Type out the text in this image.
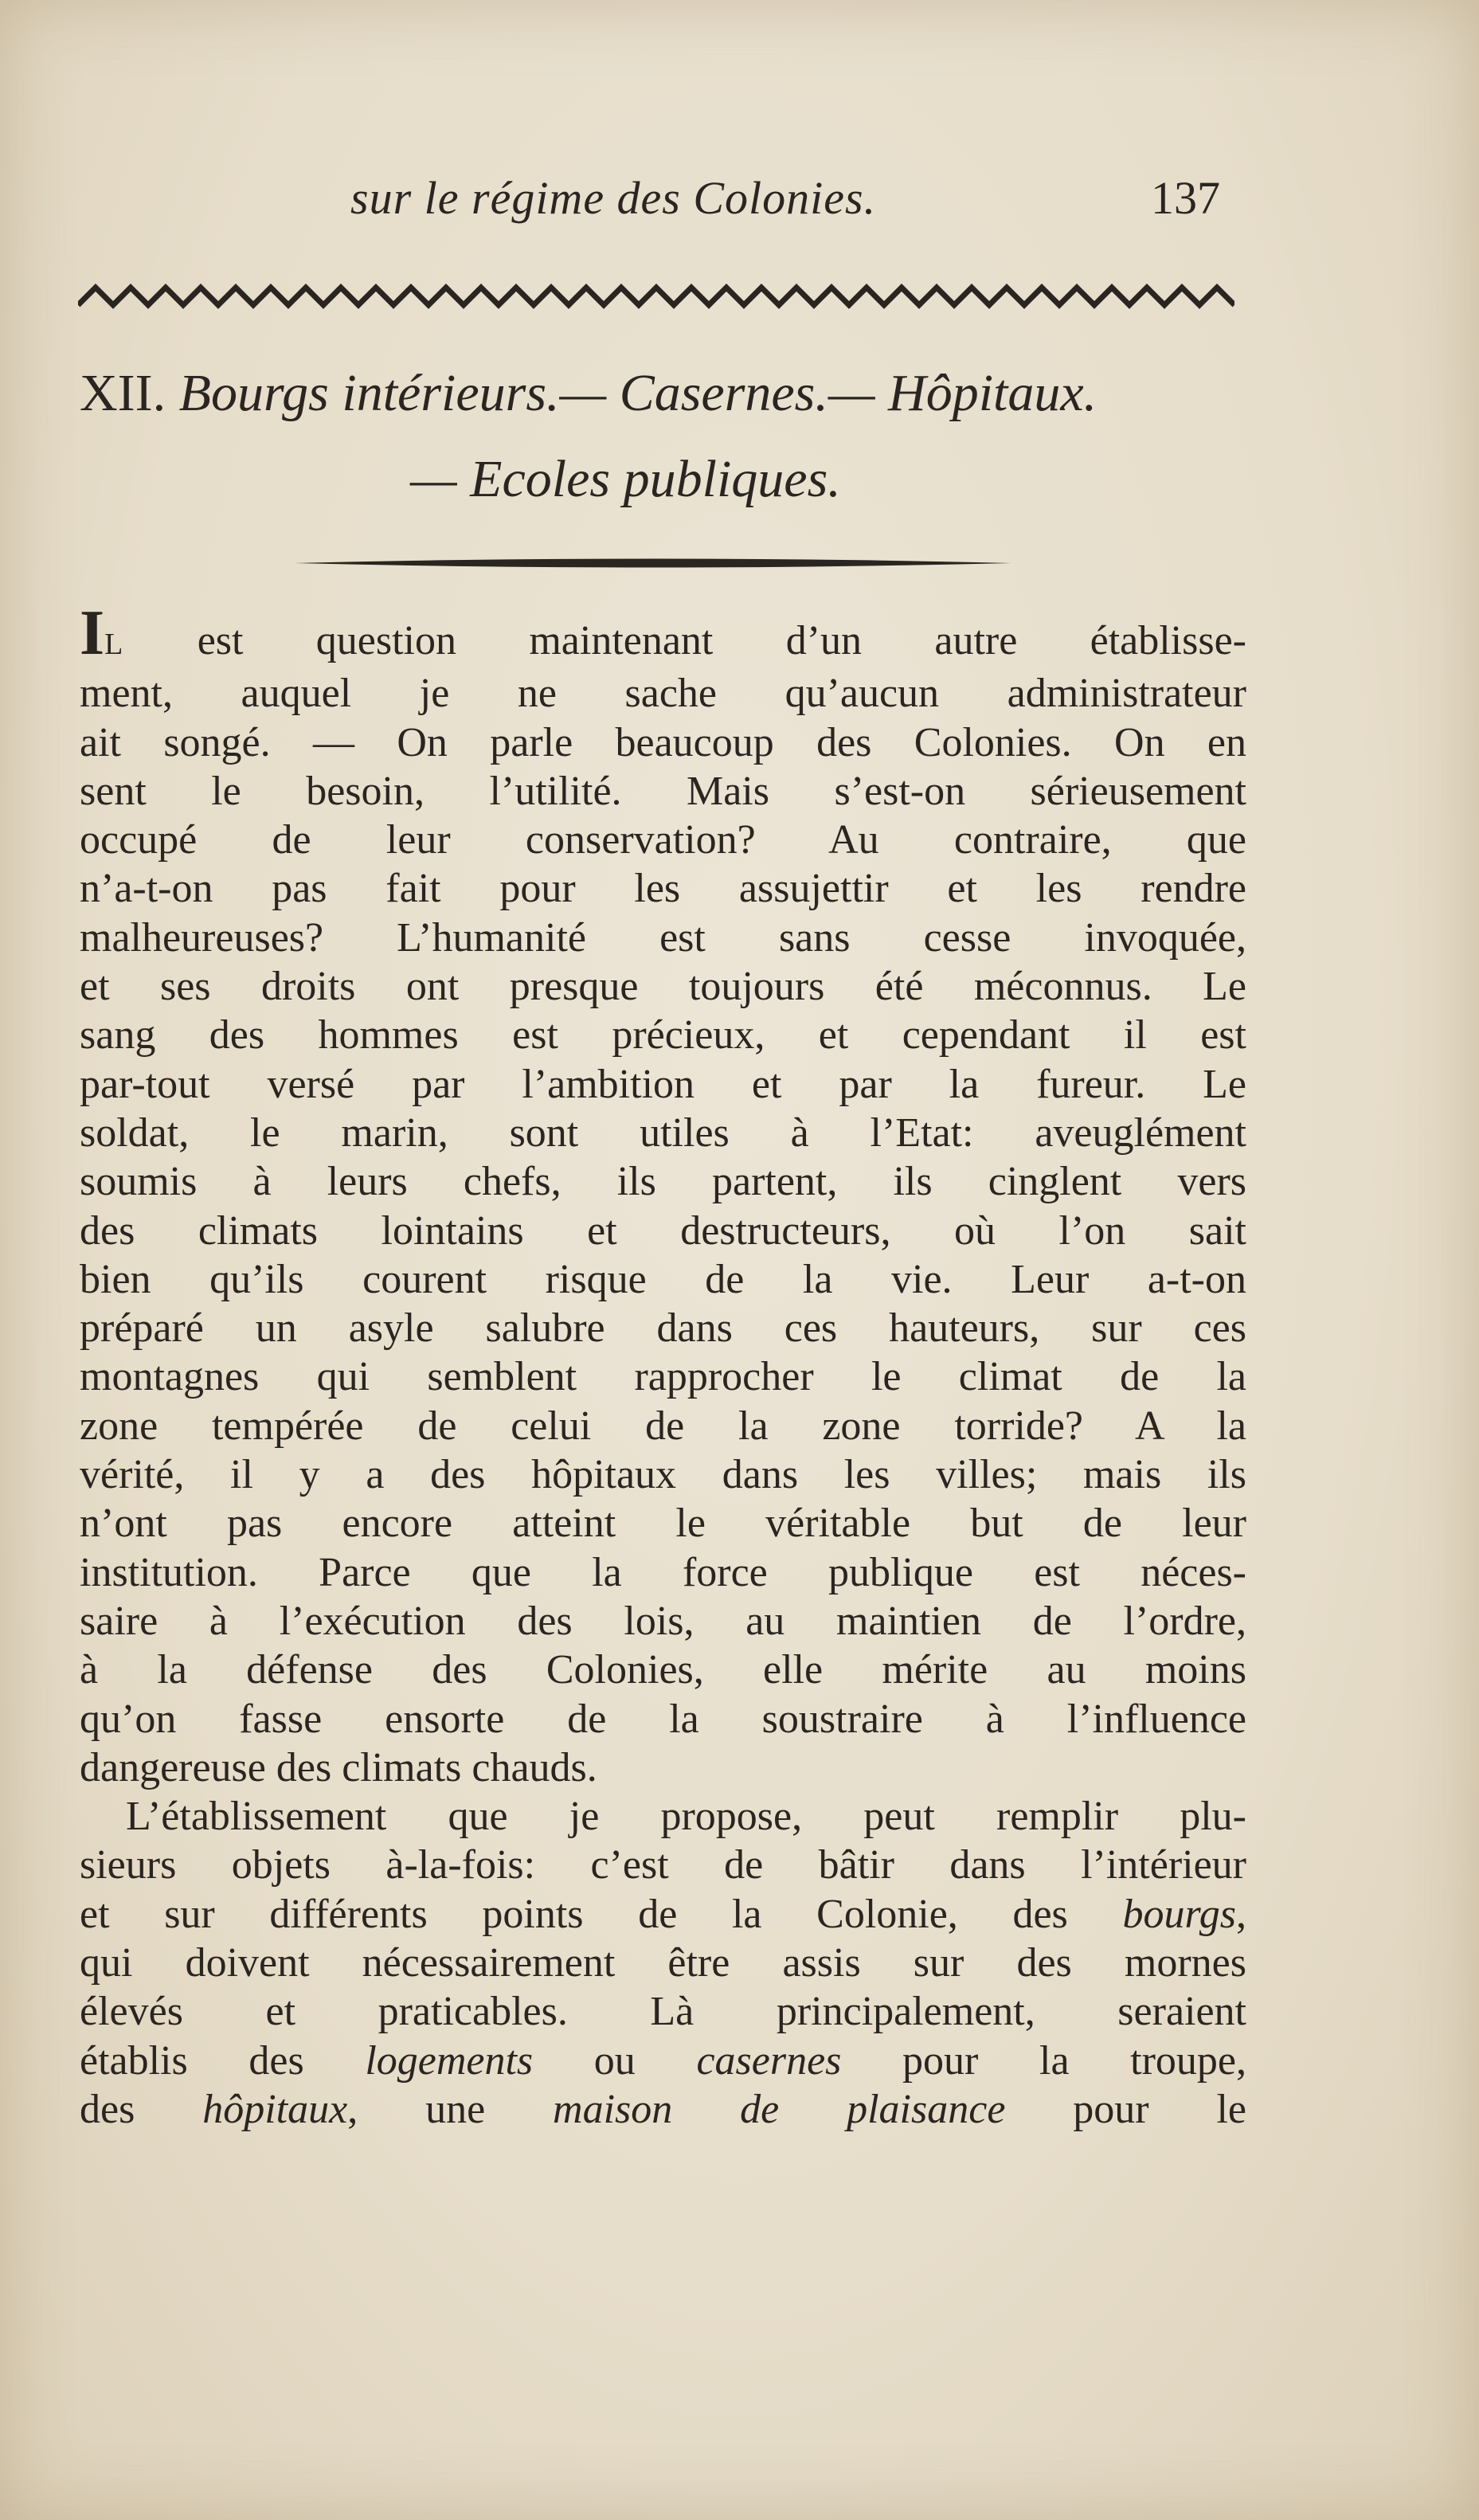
sur le régime des Colonies.	137
XII. Bourgs intérieurs.— Casernes.— Hôpitaux.
— Ecoles publiques.
IL est question maintenant d’un autre établisse-
ment, auquel je ne sache qu’aucun administrateur
ait songé. — On parle beaucoup des Colonies. On en
sent le besoin, l’utilité. Mais s’est-on sérieusement
occupé de leur conservation? Au contraire, que
n’a-t-on pas fait pour les assujettir et les rendre
malheureuses? L’humanité est sans cesse invoquée,
et ses droits ont presque toujours été méconnus. Le
sang des hommes est précieux, et cependant il est
par-tout versé par l’ambition et par la fureur. Le
soldat, le marin, sont utiles à l’Etat: aveuglément
soumis à leurs chefs, ils partent, ils cinglent vers
des climats lointains et destructeurs, où l’on sait
bien qu’ils courent risque de la vie. Leur a-t-on
préparé un asyle salubre dans ces hauteurs, sur ces
montagnes qui semblent rapprocher le climat de la
zone tempérée de celui de la zone torride? A la
vérité, il y a des hôpitaux dans les villes; mais ils
n’ont pas encore atteint le véritable but de leur
institution. Parce que la force publique est néces-
saire à l’exécution des lois, au maintien de l’ordre,
à la défense des Colonies, elle mérite au moins
qu’on fasse ensorte de la soustraire à l’influence
dangereuse des climats chauds.
L’établissement que je propose, peut remplir plu-
sieurs objets à-la-fois: c’est de bâtir dans l’intérieur
et sur différents points de la Colonie, des bourgs,
qui doivent nécessairement être assis sur des mornes
élevés et praticables. Là principalement, seraient
établis des logements ou casernes pour la troupe,
des hôpitaux, une maison de plaisance pour le
